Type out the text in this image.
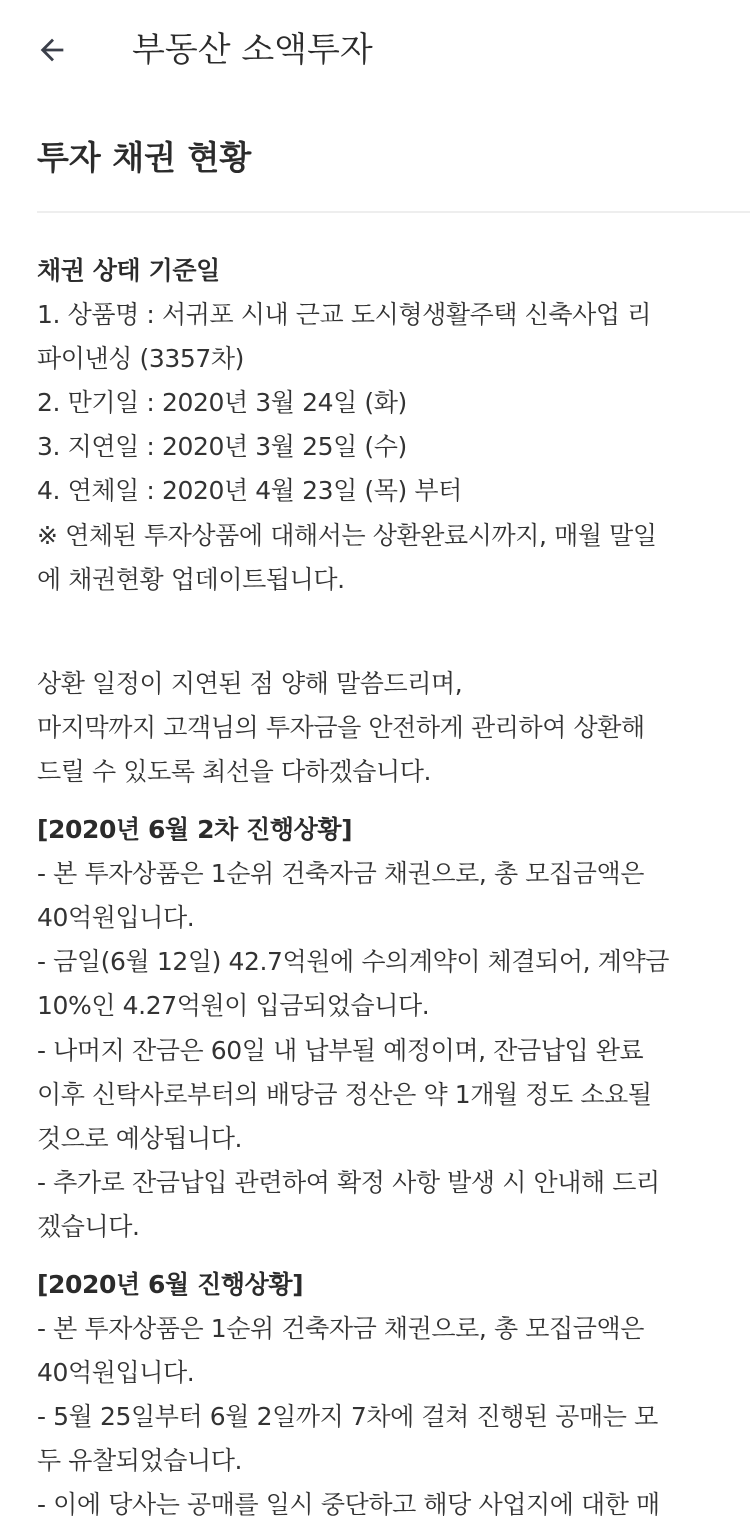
부동산 소액투자
투자 채권 현황
채권 상태 기준일
1. 상품명 : 서귀포 시내 근교 도시형생활주택 신축사업 리
파이낸싱 (3357차)
2. 만기일 : 2020년 3월 24일 (화)
3. 지연일 : 2020년 3월 25일 (수)
4. 연체일 : 2020년 4월 23일 (목) 부터
※ 연체된 투자상품에 대해서는 상환완료시까지, 매월 말일
에 채권현황 업데이트됩니다.
상환 일정이 지연된 점 양해 말씀드리며,
마지막까지 고객님의 투자금을 안전하게 관리하여 상환해
드릴 수 있도록 최선을 다하겠습니다.
[2020년 6월 2차 진행상황]
- 본 투자상품은 1순위 건축자금 채권으로, 총 모집금액은
40억원입니다.
- 금일(6월 12일) 42.7억원에 수의계약이 체결되어, 계약금
10%인 4.27억원이 입금되었습니다.
- 나머지 잔금은 60일 내 납부될 예정이며, 잔금납입 완료
이후 신탁사로부터의 배당금 정산은 약 1개월 정도 소요될
것으로 예상됩니다.
- 추가로 잔금납입 관련하여 확정 사항 발생 시 안내해 드리
겠습니다.
[2020년 6월 진행상황]
- 본 투자상품은 1순위 건축자금 채권으로, 총 모집금액은
40억원입니다.
- 5월 25일부터 6월 2일까지 7차에 걸쳐 진행된 공매는 모
두 유찰되었습니다.
- 이에 당사는 공매를 일시 중단하고 해당 사업지에 대한 매
